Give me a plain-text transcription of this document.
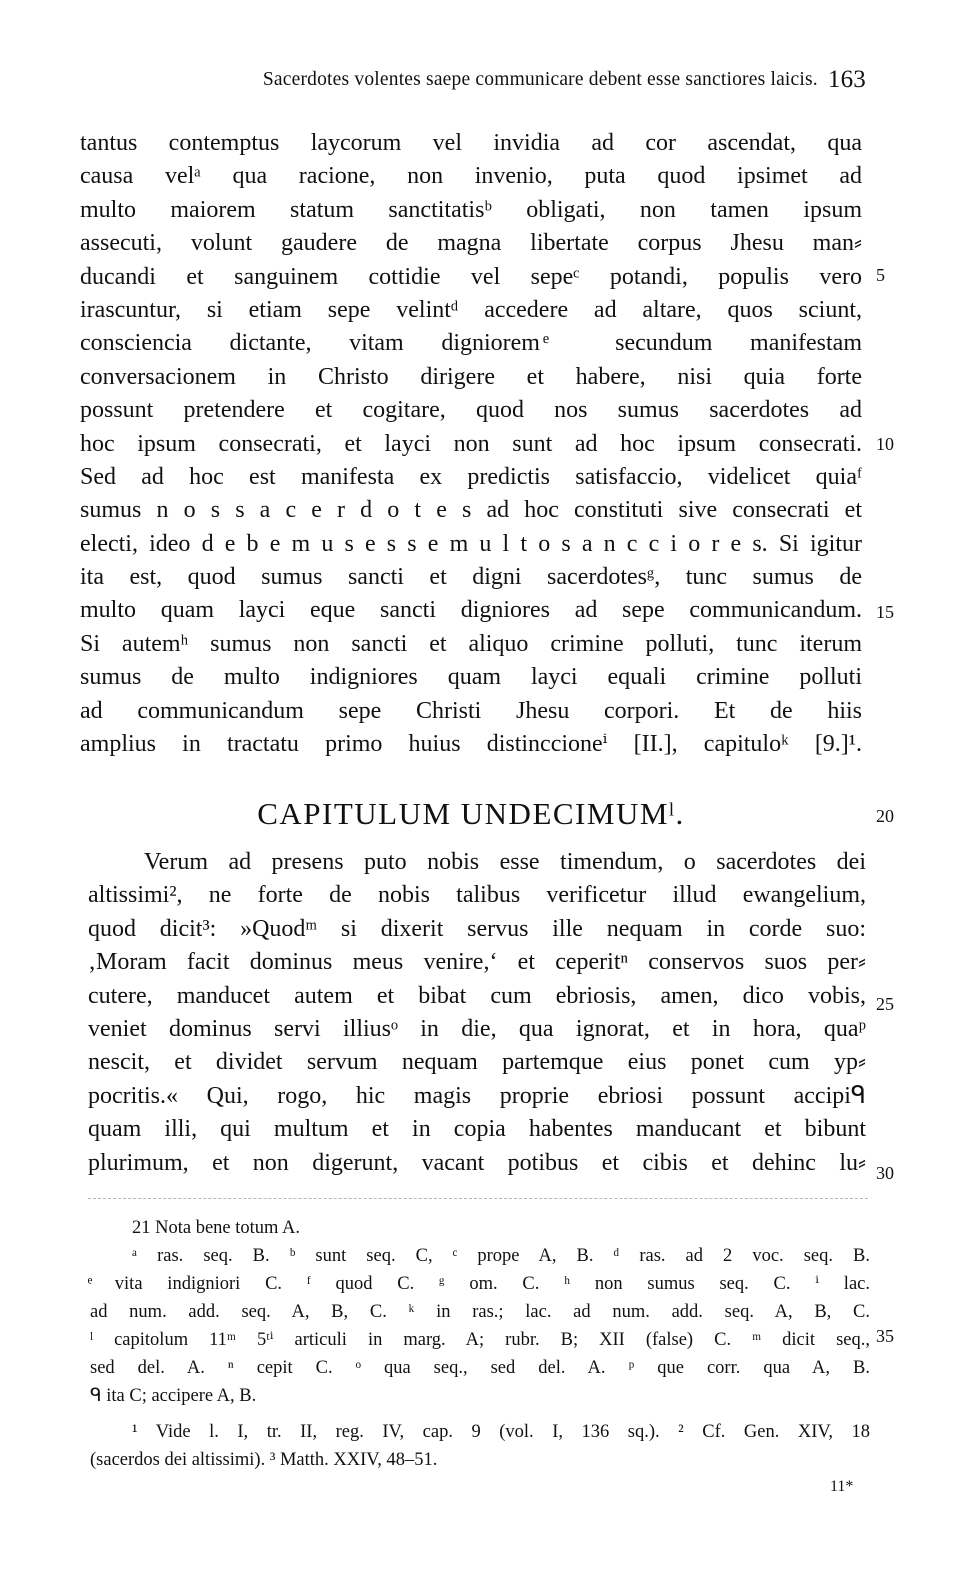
Sacerdotes volentes saepe communicare debent esse sanctiores laicis. 163
tantus contemptus laycorum vel invidia ad cor ascendat, qua
causa velᵃ qua racione, non invenio, puta quod ipsimet ad
multo maiorem statum sanctitatisᵇ obligati, non tamen ipsum
assecuti, volunt gaudere de magna libertate corpus Jhesu man⸗
ducandi et sanguinem cottidie vel sepeᶜ potandi, populis vero
irascuntur, si etiam sepe velintᵈ accedere ad altare, quos sciunt,
consciencia dictante, vitam digniorem ͤ secundum manifestam
conversacionem in Christo dirigere et habere, nisi quia forte
possunt pretendere et cogitare, quod nos sumus sacerdotes ad
hoc ipsum consecrati, et layci non sunt ad hoc ipsum consecrati.
Sed ad hoc est manifesta ex predictis satisfaccio, videlicet quiaᶠ
sumus n o s s a c e r d o t e s ad hoc constituti sive consecrati et
electi, ideo d e b e m u s e s s e m u l t o s a n c c i o r e s. Si igitur
ita est, quod sumus sancti et digni sacerdotesᵍ, tunc sumus de
multo quam layci eque sancti digniores ad sepe communicandum.
Si autemʰ sumus non sancti et aliquo crimine polluti, tunc iterum
sumus de multo indigniores quam layci equali crimine polluti
ad communicandum sepe Christi Jhesu corpori. Et de hiis
amplius in tractatu primo huius distinccioneⁱ [II.], capituloᵏ [9.]¹.
5
10
15
20
25
30
35
CAPITULUM UNDECIMUMˡ.
Verum ad presens puto nobis esse timendum, o sacerdotes dei
altissimi², ne forte de nobis talibus verificetur illud ewangelium,
quod dicit³: »Quodᵐ si dixerit servus ille nequam in corde suo:
‚Moram facit dominus meus venire,‘ et ceperitⁿ conservos suos per⸗
cutere, manducet autem et bibat cum ebriosis, amen, dico vobis,
veniet dominus servi illiusᵒ in die, qua ignorat, et in hora, quaᵖ
nescit, et dividet servum nequam partemque eius ponet cum yp⸗
pocritis.« Qui, rogo, hic magis proprie ebriosi possunt accipiᑫ
quam illi, qui multum et in copia habentes manducant et bibunt
plurimum, et non digerunt, vacant potibus et cibis et dehinc lu⸗
21 Nota bene totum A.
ᵃ ras. seq. B. ᵇ sunt seq. C, ᶜ prope A, B. ᵈ ras. ad 2 voc. seq. B.
ͤ vita indigniori C. ᶠ quod C. ᵍ om. C. ʰ non sumus seq. C. ⁱ lac.
ad num. add. seq. A, B, C. ᵏ in ras.; lac. ad num. add. seq. A, B, C.
ˡ capitolum 11ᵐ 5ᵗⁱ articuli in marg. A; rubr. B; XII (false) C. ᵐ dicit seq.,
sed del. A. ⁿ cepit C. ᵒ qua seq., sed del. A. ᵖ que corr. qua A, B.
ᑫ ita C; accipere A, B.
¹ Vide l. I, tr. II, reg. IV, cap. 9 (vol. I, 136 sq.). ² Cf. Gen. XIV, 18
(sacerdos dei altissimi). ³ Matth. XXIV, 48–51.
11*
